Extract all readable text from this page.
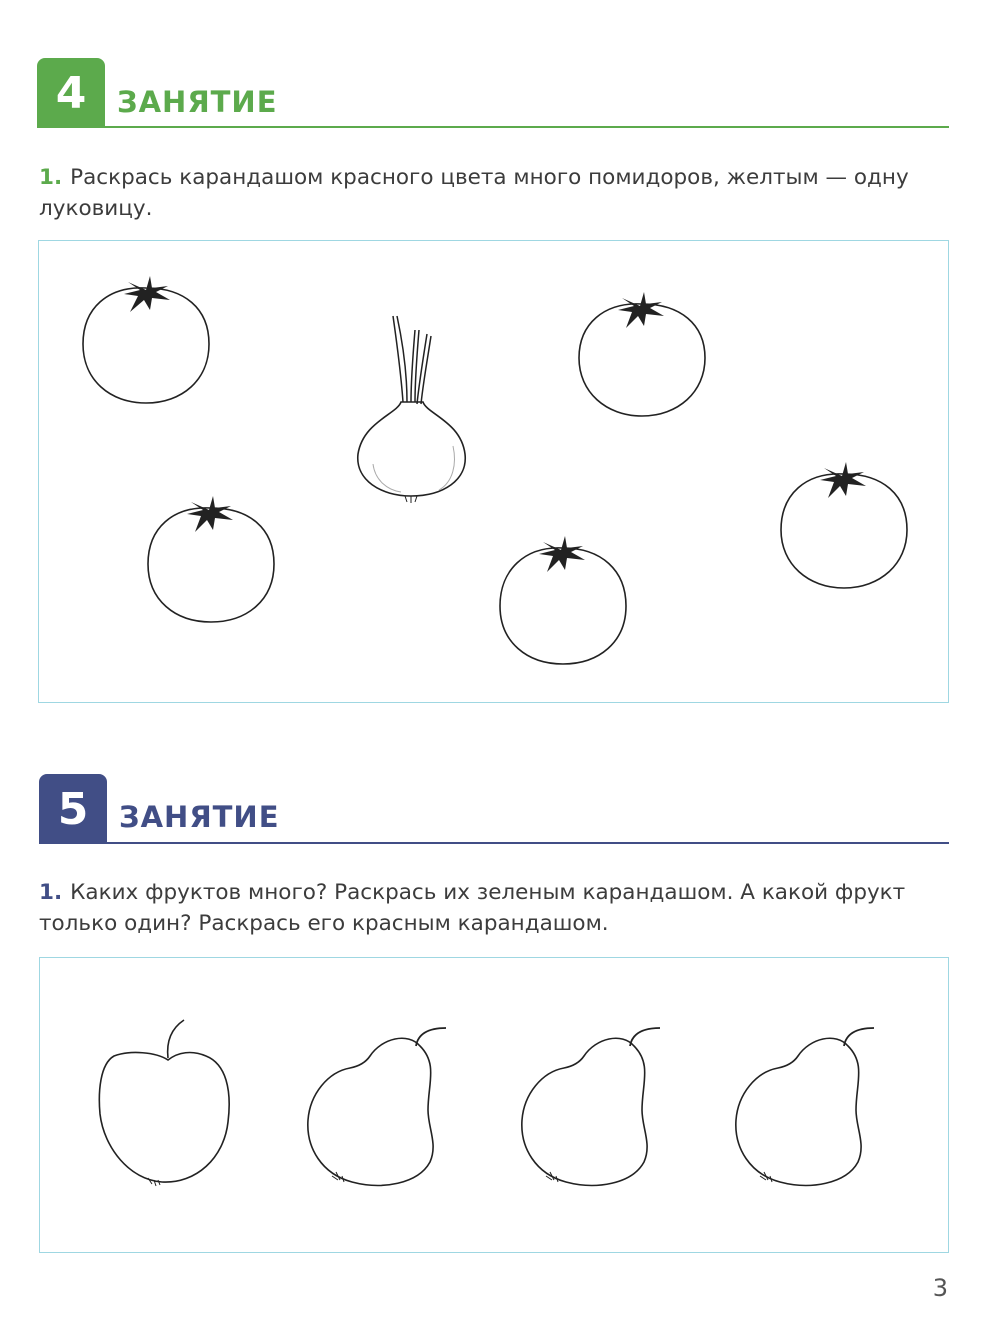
4 ЗАНЯТИЕ
1. Раскрась карандашом красного цвета много помидоров, желтым — одну луковицу.
5 ЗАНЯТИЕ
1. Каких фруктов много? Раскрась их зеленым карандашом. А какой фрукт только один? Раскрась его красным карандашом.
3
